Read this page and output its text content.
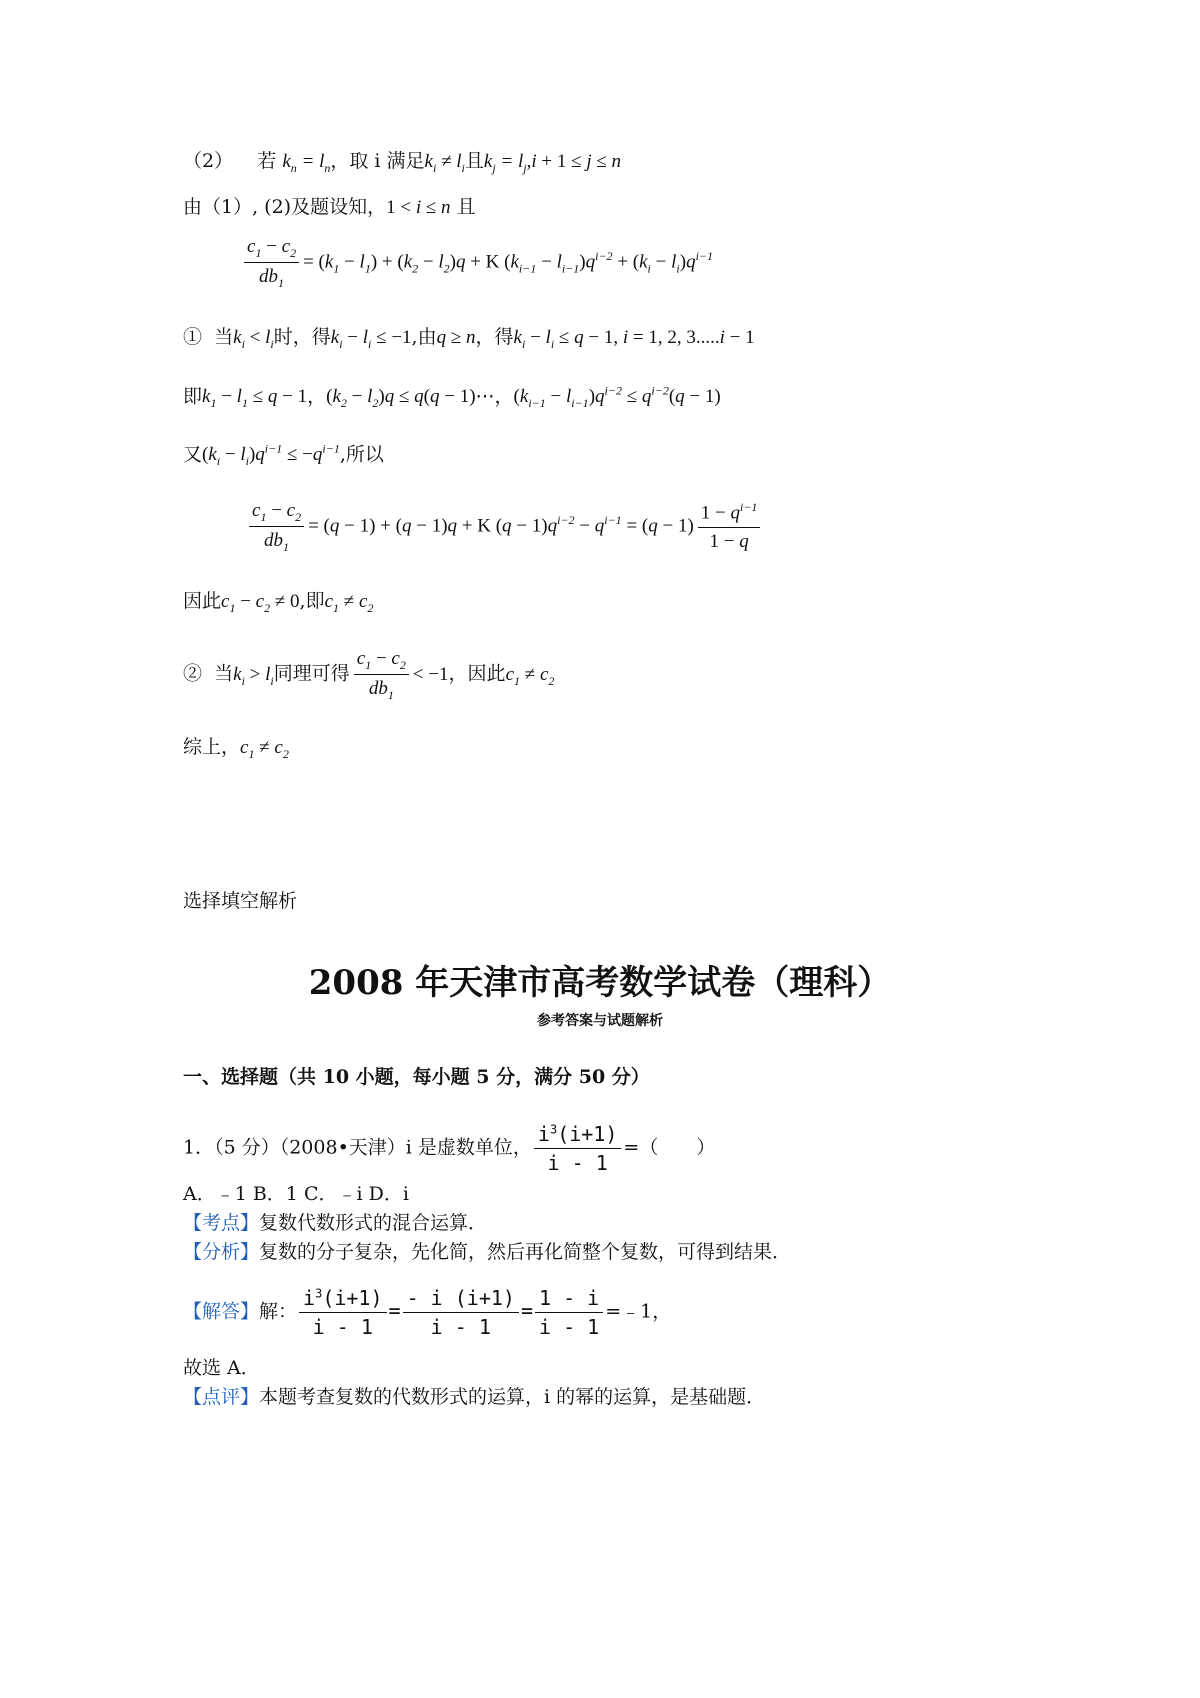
（2） 若 $k_n = l_n$，取 i 满足$k_i \ne l_i$且$k_j = l_j,i + 1 \le j \le n$
由（1）, (2)及题设知，1 < i ≤ n 且
$\frac{c_1 - c_2}{db_1} = (k_1 - l_1) + (k_2 - l_2)q + K$ $(k_{i-1} - l_{i-1})q^{i-2} + (k_i - l_i)q^{i-1}$
① 当$k_i < l_i$时，得$k_i - l_i \le -1$,由q ≥ n，得$k_i - l_i \le q - 1$, i = 1, 2, 3.....i − 1
即$k_1 - l_1 \le q - 1$，$(k_2 - l_2)q \le q(q$ − 1)⋯，$(k_{i-1} - l_{i-1})q^{i-2} \le q^{i-2}(q - 1)$
又$(k_i - l_i)q^{i-1} \le -q^{i-1}$,所以
$\frac{c_1 - c_2}{db_1} = (q - 1) + (q - 1)q + K$ $(q - 1)q^{i-2} - q^{i-1} = (q - 1) \frac{1 - q^{i-1}}{1 - q}$
因此$c_1 - c_2 \ne 0$,即$c_1 \ne c_2$
② 当$k_i > l_i$同理可得 $\frac{c_1 - c_2}{db_1} < -1$，因此$c_1 \ne c_2$
综上，$c_1 \ne c_2$
选择填空解析
2008 年天津市高考数学试卷（理科）
参考答案与试题解析
一、选择题（共 10 小题，每小题 5 分，满分 50 分）
1．（5 分）（2008•天津）i 是虚数单位， $\frac{i^3(i+1)}{i - 1}$ =（　　）
A．﹣1 B．1 C．﹣i D．i
【考点】复数代数形式的混合运算．
【分析】复数的分子复杂，先化简，然后再化简整个复数，可得到结果．
【解答】解： $\frac{i^3(i+1)}{i - 1} = \frac{- i (i+1)}{i - 1} = \frac{1 - i}{i - 1}$ =﹣1，
故选 A．
【点评】本题考查复数的代数形式的运算，i 的幂的运算，是基础题．
